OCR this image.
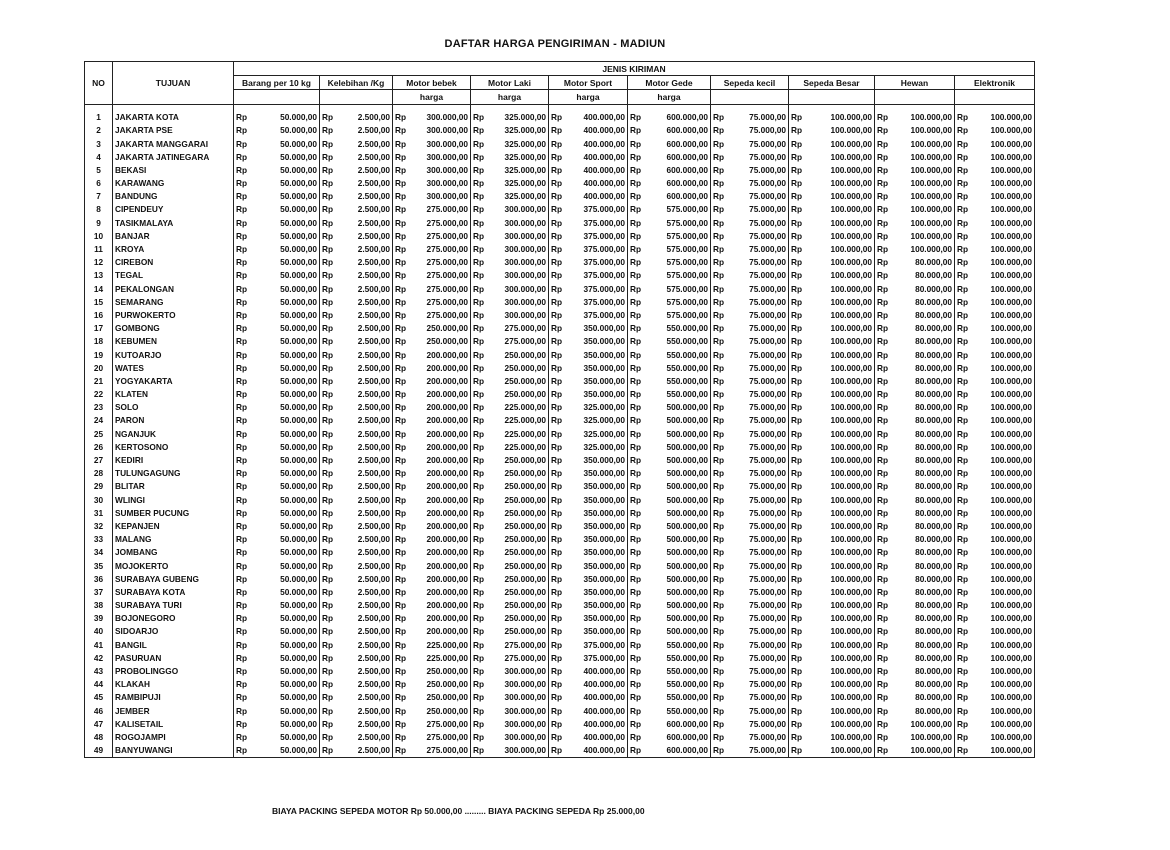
DAFTAR HARGA PENGIRIMAN - MADIUN
NO	TUJUAN	JENIS KIRIMAN									
		Barang per 10 kg	Kelebihan /Kg	Motor bebek	Motor Laki	Motor Sport	Motor Gede	Sepeda kecil	Sepeda Besar	Hewan	Elektronik
				harga	harga	harga	harga				

1	JAKARTA KOTA	Rp 50.000,00	Rp 2.500,00	Rp 300.000,00	Rp 325.000,00	Rp 400.000,00	Rp 600.000,00	Rp 75.000,00	Rp 100.000,00	Rp 100.000,00	Rp 100.000,00

2	JAKARTA PSE	Rp 50.000,00	Rp 2.500,00	Rp 300.000,00	Rp 325.000,00	Rp 400.000,00	Rp 600.000,00	Rp 75.000,00	Rp 100.000,00	Rp 100.000,00	Rp 100.000,00

3	JAKARTA MANGGARAI	Rp 50.000,00	Rp 2.500,00	Rp 300.000,00	Rp 325.000,00	Rp 400.000,00	Rp 600.000,00	Rp 75.000,00	Rp 100.000,00	Rp 100.000,00	Rp 100.000,00

4	JAKARTA JATINEGARA	Rp 50.000,00	Rp 2.500,00	Rp 300.000,00	Rp 325.000,00	Rp 400.000,00	Rp 600.000,00	Rp 75.000,00	Rp 100.000,00	Rp 100.000,00	Rp 100.000,00

5	BEKASI	Rp 50.000,00	Rp 2.500,00	Rp 300.000,00	Rp 325.000,00	Rp 400.000,00	Rp 600.000,00	Rp 75.000,00	Rp 100.000,00	Rp 100.000,00	Rp 100.000,00

6	KARAWANG	Rp 50.000,00	Rp 2.500,00	Rp 300.000,00	Rp 325.000,00	Rp 400.000,00	Rp 600.000,00	Rp 75.000,00	Rp 100.000,00	Rp 100.000,00	Rp 100.000,00

7	BANDUNG	Rp 50.000,00	Rp 2.500,00	Rp 300.000,00	Rp 325.000,00	Rp 400.000,00	Rp 600.000,00	Rp 75.000,00	Rp 100.000,00	Rp 100.000,00	Rp 100.000,00

8	CIPENDEUY	Rp 50.000,00	Rp 2.500,00	Rp 275.000,00	Rp 300.000,00	Rp 375.000,00	Rp 575.000,00	Rp 75.000,00	Rp 100.000,00	Rp 100.000,00	Rp 100.000,00

9	TASIKMALAYA	Rp 50.000,00	Rp 2.500,00	Rp 275.000,00	Rp 300.000,00	Rp 375.000,00	Rp 575.000,00	Rp 75.000,00	Rp 100.000,00	Rp 100.000,00	Rp 100.000,00

10	BANJAR	Rp 50.000,00	Rp 2.500,00	Rp 275.000,00	Rp 300.000,00	Rp 375.000,00	Rp 575.000,00	Rp 75.000,00	Rp 100.000,00	Rp 100.000,00	Rp 100.000,00

11	KROYA	Rp 50.000,00	Rp 2.500,00	Rp 275.000,00	Rp 300.000,00	Rp 375.000,00	Rp 575.000,00	Rp 75.000,00	Rp 100.000,00	Rp 100.000,00	Rp 100.000,00

12	CIREBON	Rp 50.000,00	Rp 2.500,00	Rp 275.000,00	Rp 300.000,00	Rp 375.000,00	Rp 575.000,00	Rp 75.000,00	Rp 100.000,00	Rp 80.000,00	Rp 100.000,00

13	TEGAL	Rp 50.000,00	Rp 2.500,00	Rp 275.000,00	Rp 300.000,00	Rp 375.000,00	Rp 575.000,00	Rp 75.000,00	Rp 100.000,00	Rp 80.000,00	Rp 100.000,00

14	PEKALONGAN	Rp 50.000,00	Rp 2.500,00	Rp 275.000,00	Rp 300.000,00	Rp 375.000,00	Rp 575.000,00	Rp 75.000,00	Rp 100.000,00	Rp 80.000,00	Rp 100.000,00

15	SEMARANG	Rp 50.000,00	Rp 2.500,00	Rp 275.000,00	Rp 300.000,00	Rp 375.000,00	Rp 575.000,00	Rp 75.000,00	Rp 100.000,00	Rp 80.000,00	Rp 100.000,00

16	PURWOKERTO	Rp 50.000,00	Rp 2.500,00	Rp 275.000,00	Rp 300.000,00	Rp 375.000,00	Rp 575.000,00	Rp 75.000,00	Rp 100.000,00	Rp 80.000,00	Rp 100.000,00

17	GOMBONG	Rp 50.000,00	Rp 2.500,00	Rp 250.000,00	Rp 275.000,00	Rp 350.000,00	Rp 550.000,00	Rp 75.000,00	Rp 100.000,00	Rp 80.000,00	Rp 100.000,00

18	KEBUMEN	Rp 50.000,00	Rp 2.500,00	Rp 250.000,00	Rp 275.000,00	Rp 350.000,00	Rp 550.000,00	Rp 75.000,00	Rp 100.000,00	Rp 80.000,00	Rp 100.000,00

19	KUTOARJO	Rp 50.000,00	Rp 2.500,00	Rp 200.000,00	Rp 250.000,00	Rp 350.000,00	Rp 550.000,00	Rp 75.000,00	Rp 100.000,00	Rp 80.000,00	Rp 100.000,00

20	WATES	Rp 50.000,00	Rp 2.500,00	Rp 200.000,00	Rp 250.000,00	Rp 350.000,00	Rp 550.000,00	Rp 75.000,00	Rp 100.000,00	Rp 80.000,00	Rp 100.000,00

21	YOGYAKARTA	Rp 50.000,00	Rp 2.500,00	Rp 200.000,00	Rp 250.000,00	Rp 350.000,00	Rp 550.000,00	Rp 75.000,00	Rp 100.000,00	Rp 80.000,00	Rp 100.000,00

22	KLATEN	Rp 50.000,00	Rp 2.500,00	Rp 200.000,00	Rp 250.000,00	Rp 350.000,00	Rp 550.000,00	Rp 75.000,00	Rp 100.000,00	Rp 80.000,00	Rp 100.000,00

23	SOLO	Rp 50.000,00	Rp 2.500,00	Rp 200.000,00	Rp 225.000,00	Rp 325.000,00	Rp 500.000,00	Rp 75.000,00	Rp 100.000,00	Rp 80.000,00	Rp 100.000,00

24	PARON	Rp 50.000,00	Rp 2.500,00	Rp 200.000,00	Rp 225.000,00	Rp 325.000,00	Rp 500.000,00	Rp 75.000,00	Rp 100.000,00	Rp 80.000,00	Rp 100.000,00

25	NGANJUK	Rp 50.000,00	Rp 2.500,00	Rp 200.000,00	Rp 225.000,00	Rp 325.000,00	Rp 500.000,00	Rp 75.000,00	Rp 100.000,00	Rp 80.000,00	Rp 100.000,00

26	KERTOSONO	Rp 50.000,00	Rp 2.500,00	Rp 200.000,00	Rp 225.000,00	Rp 325.000,00	Rp 500.000,00	Rp 75.000,00	Rp 100.000,00	Rp 80.000,00	Rp 100.000,00

27	KEDIRI	Rp 50.000,00	Rp 2.500,00	Rp 200.000,00	Rp 250.000,00	Rp 350.000,00	Rp 500.000,00	Rp 75.000,00	Rp 100.000,00	Rp 80.000,00	Rp 100.000,00

28	TULUNGAGUNG	Rp 50.000,00	Rp 2.500,00	Rp 200.000,00	Rp 250.000,00	Rp 350.000,00	Rp 500.000,00	Rp 75.000,00	Rp 100.000,00	Rp 80.000,00	Rp 100.000,00

29	BLITAR	Rp 50.000,00	Rp 2.500,00	Rp 200.000,00	Rp 250.000,00	Rp 350.000,00	Rp 500.000,00	Rp 75.000,00	Rp 100.000,00	Rp 80.000,00	Rp 100.000,00

30	WLINGI	Rp 50.000,00	Rp 2.500,00	Rp 200.000,00	Rp 250.000,00	Rp 350.000,00	Rp 500.000,00	Rp 75.000,00	Rp 100.000,00	Rp 80.000,00	Rp 100.000,00

31	SUMBER PUCUNG	Rp 50.000,00	Rp 2.500,00	Rp 200.000,00	Rp 250.000,00	Rp 350.000,00	Rp 500.000,00	Rp 75.000,00	Rp 100.000,00	Rp 80.000,00	Rp 100.000,00

32	KEPANJEN	Rp 50.000,00	Rp 2.500,00	Rp 200.000,00	Rp 250.000,00	Rp 350.000,00	Rp 500.000,00	Rp 75.000,00	Rp 100.000,00	Rp 80.000,00	Rp 100.000,00

33	MALANG	Rp 50.000,00	Rp 2.500,00	Rp 200.000,00	Rp 250.000,00	Rp 350.000,00	Rp 500.000,00	Rp 75.000,00	Rp 100.000,00	Rp 80.000,00	Rp 100.000,00

34	JOMBANG	Rp 50.000,00	Rp 2.500,00	Rp 200.000,00	Rp 250.000,00	Rp 350.000,00	Rp 500.000,00	Rp 75.000,00	Rp 100.000,00	Rp 80.000,00	Rp 100.000,00

35	MOJOKERTO	Rp 50.000,00	Rp 2.500,00	Rp 200.000,00	Rp 250.000,00	Rp 350.000,00	Rp 500.000,00	Rp 75.000,00	Rp 100.000,00	Rp 80.000,00	Rp 100.000,00

36	SURABAYA GUBENG	Rp 50.000,00	Rp 2.500,00	Rp 200.000,00	Rp 250.000,00	Rp 350.000,00	Rp 500.000,00	Rp 75.000,00	Rp 100.000,00	Rp 80.000,00	Rp 100.000,00

37	SURABAYA KOTA	Rp 50.000,00	Rp 2.500,00	Rp 200.000,00	Rp 250.000,00	Rp 350.000,00	Rp 500.000,00	Rp 75.000,00	Rp 100.000,00	Rp 80.000,00	Rp 100.000,00

38	SURABAYA TURI	Rp 50.000,00	Rp 2.500,00	Rp 200.000,00	Rp 250.000,00	Rp 350.000,00	Rp 500.000,00	Rp 75.000,00	Rp 100.000,00	Rp 80.000,00	Rp 100.000,00

39	BOJONEGORO	Rp 50.000,00	Rp 2.500,00	Rp 200.000,00	Rp 250.000,00	Rp 350.000,00	Rp 500.000,00	Rp 75.000,00	Rp 100.000,00	Rp 80.000,00	Rp 100.000,00

40	SIDOARJO	Rp 50.000,00	Rp 2.500,00	Rp 200.000,00	Rp 250.000,00	Rp 350.000,00	Rp 500.000,00	Rp 75.000,00	Rp 100.000,00	Rp 80.000,00	Rp 100.000,00

41	BANGIL	Rp 50.000,00	Rp 2.500,00	Rp 225.000,00	Rp 275.000,00	Rp 375.000,00	Rp 550.000,00	Rp 75.000,00	Rp 100.000,00	Rp 80.000,00	Rp 100.000,00

42	PASURUAN	Rp 50.000,00	Rp 2.500,00	Rp 225.000,00	Rp 275.000,00	Rp 375.000,00	Rp 550.000,00	Rp 75.000,00	Rp 100.000,00	Rp 80.000,00	Rp 100.000,00

43	PROBOLINGGO	Rp 50.000,00	Rp 2.500,00	Rp 250.000,00	Rp 300.000,00	Rp 400.000,00	Rp 550.000,00	Rp 75.000,00	Rp 100.000,00	Rp 80.000,00	Rp 100.000,00

44	KLAKAH	Rp 50.000,00	Rp 2.500,00	Rp 250.000,00	Rp 300.000,00	Rp 400.000,00	Rp 550.000,00	Rp 75.000,00	Rp 100.000,00	Rp 80.000,00	Rp 100.000,00

45	RAMBIPUJI	Rp 50.000,00	Rp 2.500,00	Rp 250.000,00	Rp 300.000,00	Rp 400.000,00	Rp 550.000,00	Rp 75.000,00	Rp 100.000,00	Rp 80.000,00	Rp 100.000,00

46	JEMBER	Rp 50.000,00	Rp 2.500,00	Rp 250.000,00	Rp 300.000,00	Rp 400.000,00	Rp 550.000,00	Rp 75.000,00	Rp 100.000,00	Rp 80.000,00	Rp 100.000,00

47	KALISETAIL	Rp 50.000,00	Rp 2.500,00	Rp 275.000,00	Rp 300.000,00	Rp 400.000,00	Rp 600.000,00	Rp 75.000,00	Rp 100.000,00	Rp 100.000,00	Rp 100.000,00

48	ROGOJAMPI	Rp 50.000,00	Rp 2.500,00	Rp 275.000,00	Rp 300.000,00	Rp 400.000,00	Rp 600.000,00	Rp 75.000,00	Rp 100.000,00	Rp 100.000,00	Rp 100.000,00

49	BANYUWANGI	Rp 50.000,00	Rp 2.500,00	Rp 275.000,00	Rp 300.000,00	Rp 400.000,00	Rp 600.000,00	Rp 75.000,00	Rp 100.000,00	Rp 100.000,00	Rp 100.000,00
BIAYA PACKING SEPEDA MOTOR Rp 50.000,00 ......... BIAYA PACKING SEPEDA Rp 25.000,00
